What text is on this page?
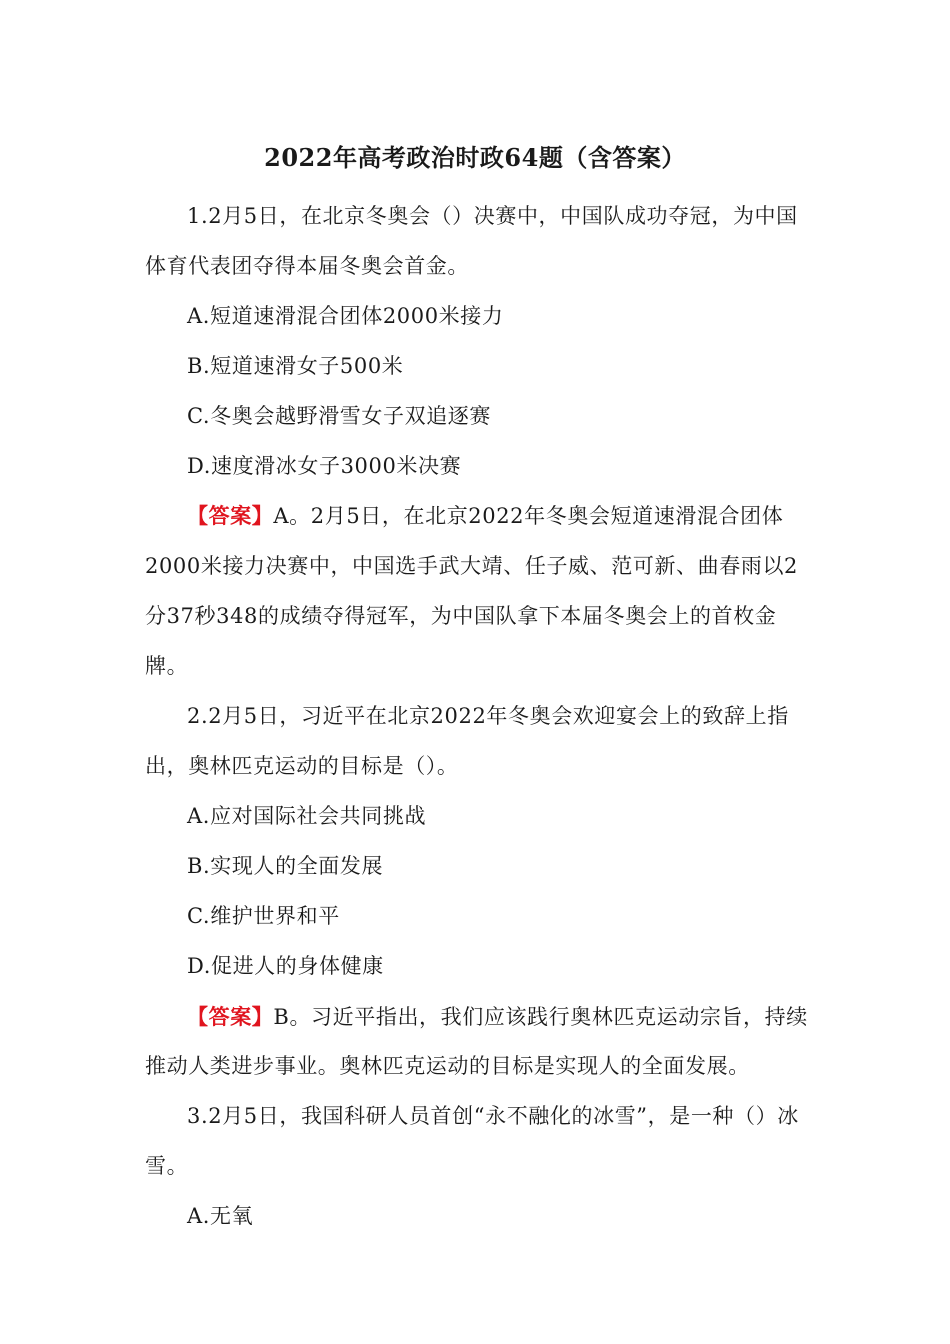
2022年高考政治时政64题（含答案）

1.2月5日，在北京冬奥会（）决赛中，中国队成功夺冠，为中国体育代表团夺得本届冬奥会首金。

A.短道速滑混合团体2000米接力

B.短道速滑女子500米

C.冬奥会越野滑雪女子双追逐赛

D.速度滑冰女子3000米决赛

【答案】A。2月5日，在北京2022年冬奥会短道速滑混合团体2000米接力决赛中，中国选手武大靖、任子威、范可新、曲春雨以2分37秒348的成绩夺得冠军，为中国队拿下本届冬奥会上的首枚金牌。

2.2月5日，习近平在北京2022年冬奥会欢迎宴会上的致辞上指出，奥林匹克运动的目标是（）。

A.应对国际社会共同挑战

B.实现人的全面发展

C.维护世界和平

D.促进人的身体健康

【答案】B。习近平指出，我们应该践行奥林匹克运动宗旨，持续推动人类进步事业。奥林匹克运动的目标是实现人的全面发展。

3.2月5日，我国科研人员首创“永不融化的冰雪”，是一种（）冰雪。

A.无氧
